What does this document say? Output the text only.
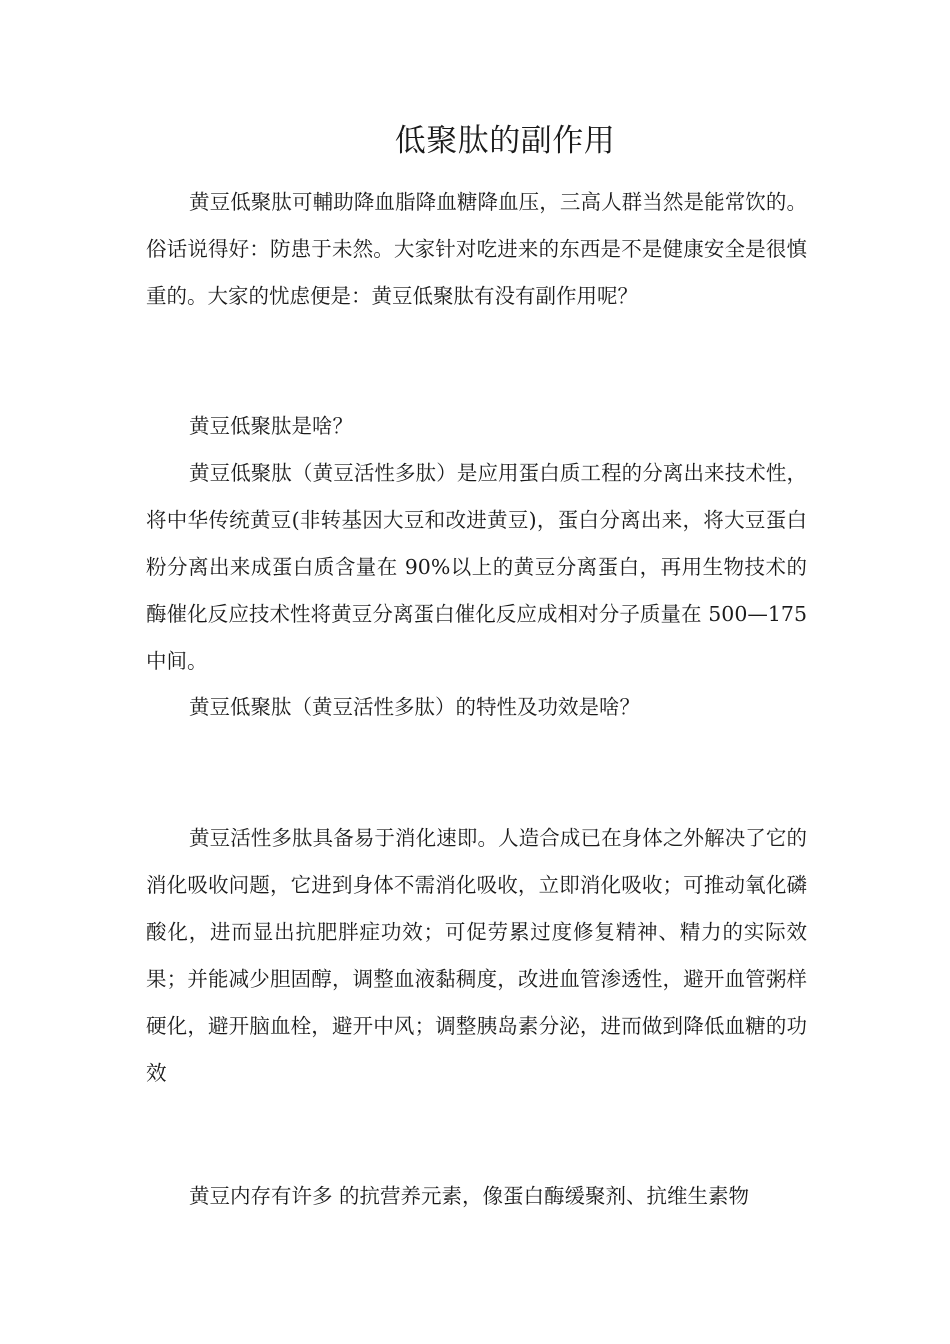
低聚肽的副作用

黄豆低聚肽可輔助降血脂降血糖降血压，三高人群当然是能常饮的。俗话说得好：防患于未然。大家针对吃进来的东西是不是健康安全是很慎重的。大家的忧虑便是：黄豆低聚肽有没有副作用呢？

黄豆低聚肽是啥？

黄豆低聚肽（黄豆活性多肽）是应用蛋白质工程的分离出来技术性，将中华传统黄豆(非转基因大豆和改进黄豆)，蛋白分离出来，将大豆蛋白粉分离出来成蛋白质含量在 90%以上的黄豆分离蛋白，再用生物技术的酶催化反应技术性将黄豆分离蛋白催化反应成相对分子质量在 500—175 中间。

黄豆低聚肽（黄豆活性多肽）的特性及功效是啥？

黄豆活性多肽具备易于消化速即。人造合成已在身体之外解决了它的消化吸收问题，它进到身体不需消化吸收，立即消化吸收；可推动氧化磷酸化，进而显出抗肥胖症功效；可促劳累过度修复精神、精力的实际效果；并能减少胆固醇，调整血液黏稠度，改进血管渗透性，避开血管粥样硬化，避开脑血栓，避开中风；调整胰岛素分泌，进而做到降低血糖的功效

黄豆内存有许多 的抗营养元素，像蛋白酶缓聚剂、抗维生素物
